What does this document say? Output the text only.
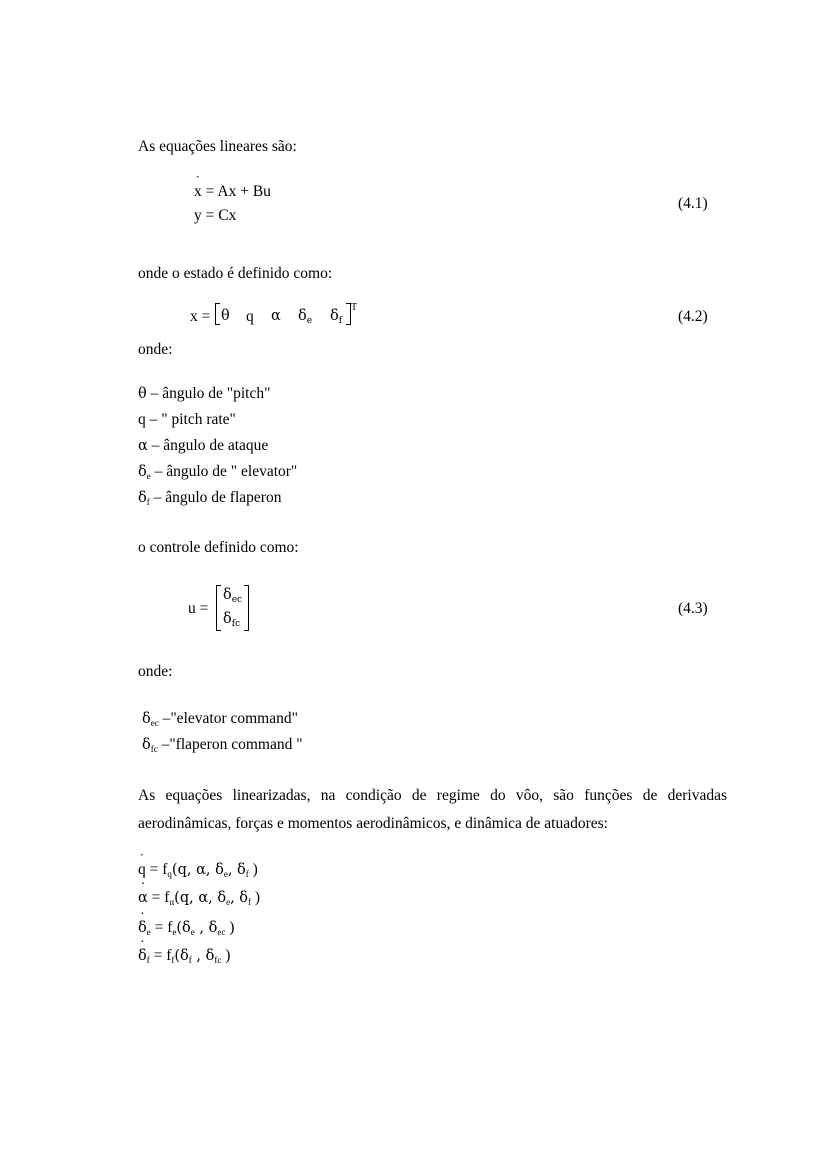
As equações lineares são:
˙ x = Ax + Bu
y = Cx
(4.1)
onde o estado é definido como:
x = θ q α $\delta_e$ $\delta_f$
T
(4.2)
onde:
θ – ângulo de "pitch"
q – " pitch rate"
α – ângulo de ataque
$\delta_e$ – ângulo de " elevator"
$\delta_f$ – ângulo de flaperon
o controle definido como:
u =
$\delta_{ec}$
$\delta_{fc}$
(4.3)
onde:
$\delta_{ec}$ –"elevator command"
$\delta_{fc}$ –"flaperon command "
As equações linearizadas, na condição de regime do vôo, são funções de derivadas
aerodinâmicas, forças e momentos aerodinâmicos, e dinâmica de atuadores:
˙ $q = f_q(q$, α, $\delta_e$, $\delta_f$ )
˙ $\alpha = f_\alpha(q$, α, $\delta_e$, $\delta_f$ )
˙ $\delta_e = f_e(\delta_e$ , $\delta_{ec}$ )
˙ $\delta_f = f_f(\delta_f$ , $\delta_{fc}$ )
